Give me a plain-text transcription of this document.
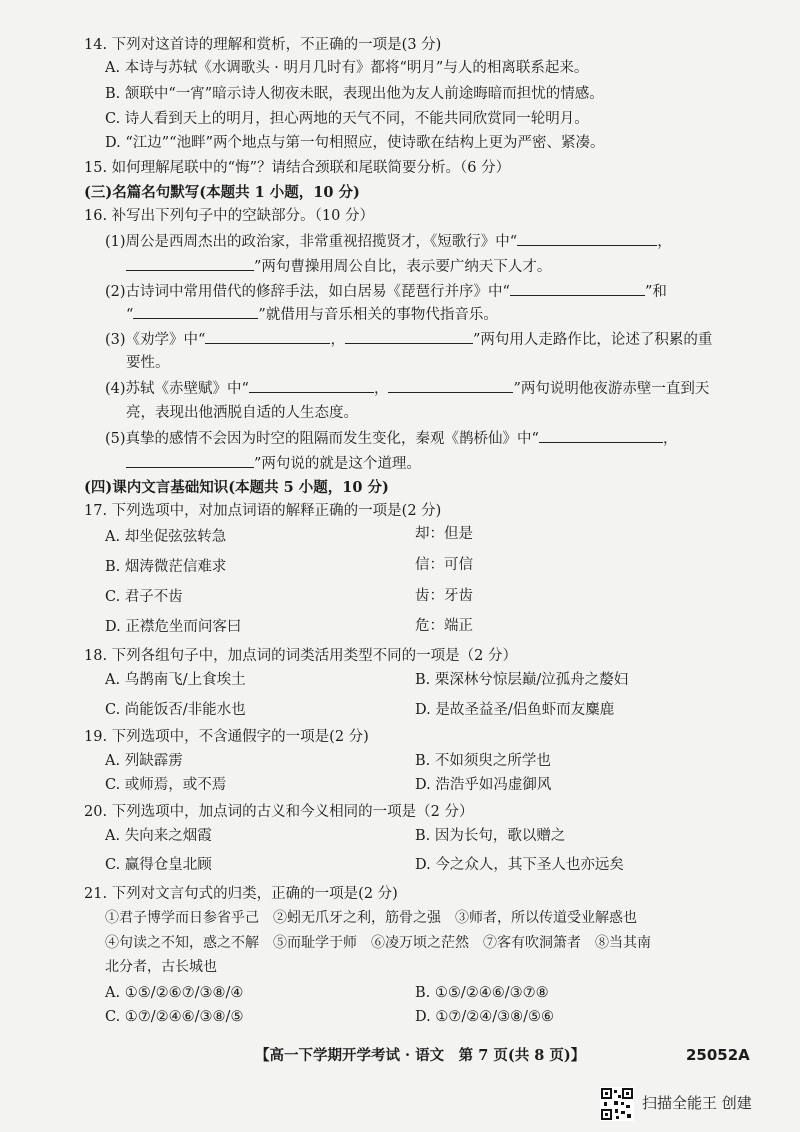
14. 下列对这首诗的理解和赏析，不正确的一项是(3 分)
A. 本诗与苏轼《水调歌头 · 明月几时有》都将“明月”与人的相离联系起来。
B. 颔联中“一宵”暗示诗人彻夜未眠，表现出他为友人前途晦暗而担忧的情感。
C. 诗人看到天上的明月，担心两地的天气不同，不能共同欣赏同一轮明月。
D. “江边”“池畔”两个地点与第一句相照应，使诗歌在结构上更为严密、紧凑。
15. 如何理解尾联中的“悔”？请结合颈联和尾联简要分析。（6 分）
(三)名篇名句默写(本题共 1 小题，10 分)
16. 补写出下列句子中的空缺部分。（10 分）
(1)周公是西周杰出的政治家，非常重视招揽贤才，《短歌行》中“	，
”两句曹操用周公自比，表示要广纳天下人才。
(2)古诗词中常用借代的修辞手法，如白居易《琵琶行并序》中“	”和
“	”就借用与音乐相关的事物代指音乐。
(3)《劝学》中“	，	”两句用人走路作比，论述了积累的重
要性。
(4)苏轼《赤壁赋》中“	，	”两句说明他夜游赤壁一直到天
亮，表现出他洒脱自适的人生态度。
(5)真挚的感情不会因为时空的阻隔而发生变化，秦观《鹊桥仙》中“	，
”两句说的就是这个道理。
(四)课内文言基础知识(本题共 5 小题，10 分)
17. 下列选项中，对加点词语的解释正确的一项是(2 分)
A. 却坐促弦弦转急	却：但是
B. 烟涛微茫信难求	信：可信
C. 君子不齿	齿：牙齿
D. 正襟危坐而问客曰	危：端正
18. 下列各组句子中，加点词的词类活用类型不同的一项是（2 分）
A. 乌鹊南飞/上食埃土	B. 栗深林兮惊层巅/泣孤舟之嫠妇
C. 尚能饭否/非能水也	D. 是故圣益圣/侣鱼虾而友麋鹿
19. 下列选项中，不含通假字的一项是(2 分)
A. 列缺霹雳	B. 不如须臾之所学也
C. 或师焉，或不焉	D. 浩浩乎如冯虚御风
20. 下列选项中，加点词的古义和今义相同的一项是（2 分）
A. 失向来之烟霞	B. 因为长句，歌以赠之
C. 赢得仓皇北顾	D. 今之众人，其下圣人也亦远矣
21. 下列对文言句式的归类，正确的一项是(2 分)
①君子博学而日参省乎己　②蚓无爪牙之利，筋骨之强　③师者，所以传道受业解惑也
④句读之不知，惑之不解　⑤而耻学于师　⑥凌万顷之茫然　⑦客有吹洞箫者　⑧当其南
北分者，古长城也
A. ①⑤/②⑥⑦/③⑧/④	B. ①⑤/②④⑥/③⑦⑧
C. ①⑦/②④⑥/③⑧/⑤	D. ①⑦/②④/③⑧/⑤⑥
【高一下学期开学考试 · 语文　第 7 页(共 8 页)】	25052A
扫描全能王 创建
